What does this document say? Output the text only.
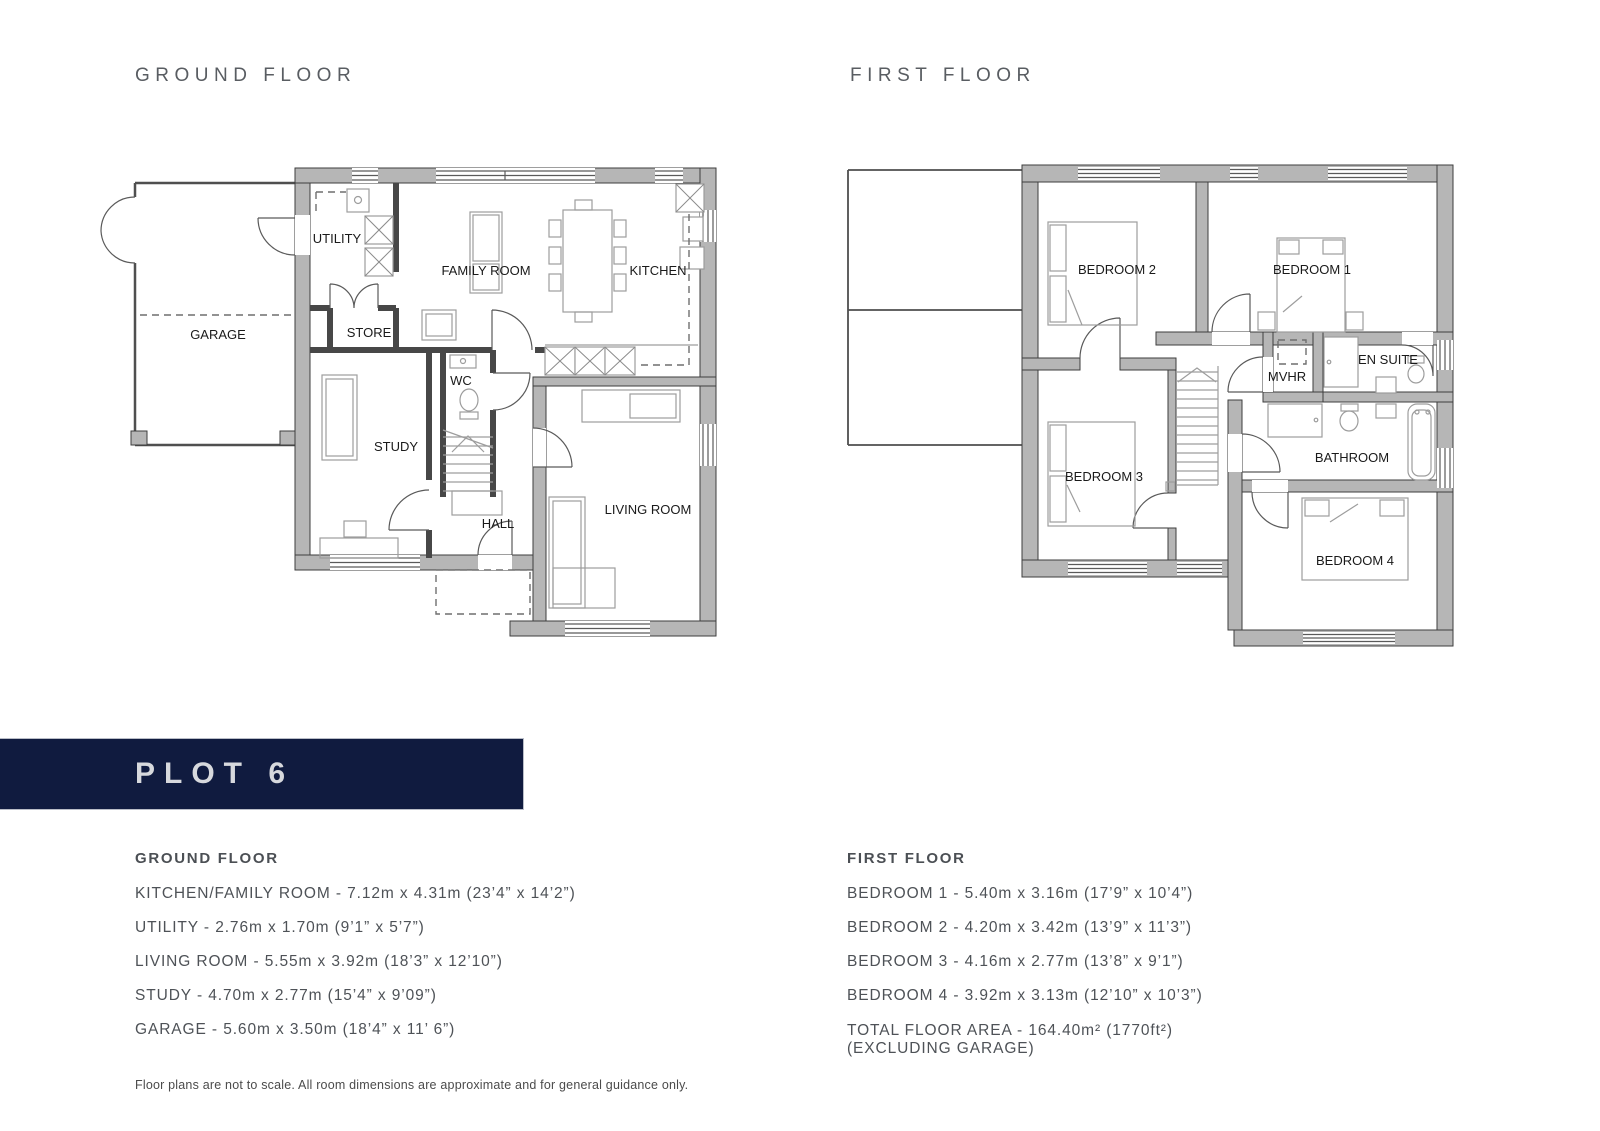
GROUND FLOOR	FIRST FLOOR
GARAGE
UTILITY
FAMILY ROOM	KITCHEN
STORE
WC
STUDY
HALL
LIVING ROOM
BEDROOM 2	BEDROOM 1
MVHR
EN SUITE
BATHROOM
BEDROOM 3
BEDROOM 4
PLOT 6

GROUND FLOOR

KITCHEN/FAMILY ROOM - 7.12m x 4.31m (23’4” x 14’2”)

UTILITY - 2.76m x 1.70m (9’1” x 5’7”)

LIVING ROOM - 5.55m x 3.92m (18’3” x 12’10”)

STUDY - 4.70m x 2.77m (15’4” x 9’09”)

GARAGE - 5.60m x 3.50m (18’4” x 11’ 6”)

FIRST FLOOR

BEDROOM 1 - 5.40m x 3.16m (17’9” x 10’4”)

BEDROOM 2 - 4.20m x 3.42m (13’9” x 11’3”)

BEDROOM 3 - 4.16m x 2.77m (13’8” x 9’1”)

BEDROOM 4 - 3.92m x 3.13m (12’10” x 10’3”)

TOTAL FLOOR AREA - 164.40m² (1770ft²)

(EXCLUDING GARAGE)

Floor plans are not to scale. All room dimensions are approximate and for general guidance only.
